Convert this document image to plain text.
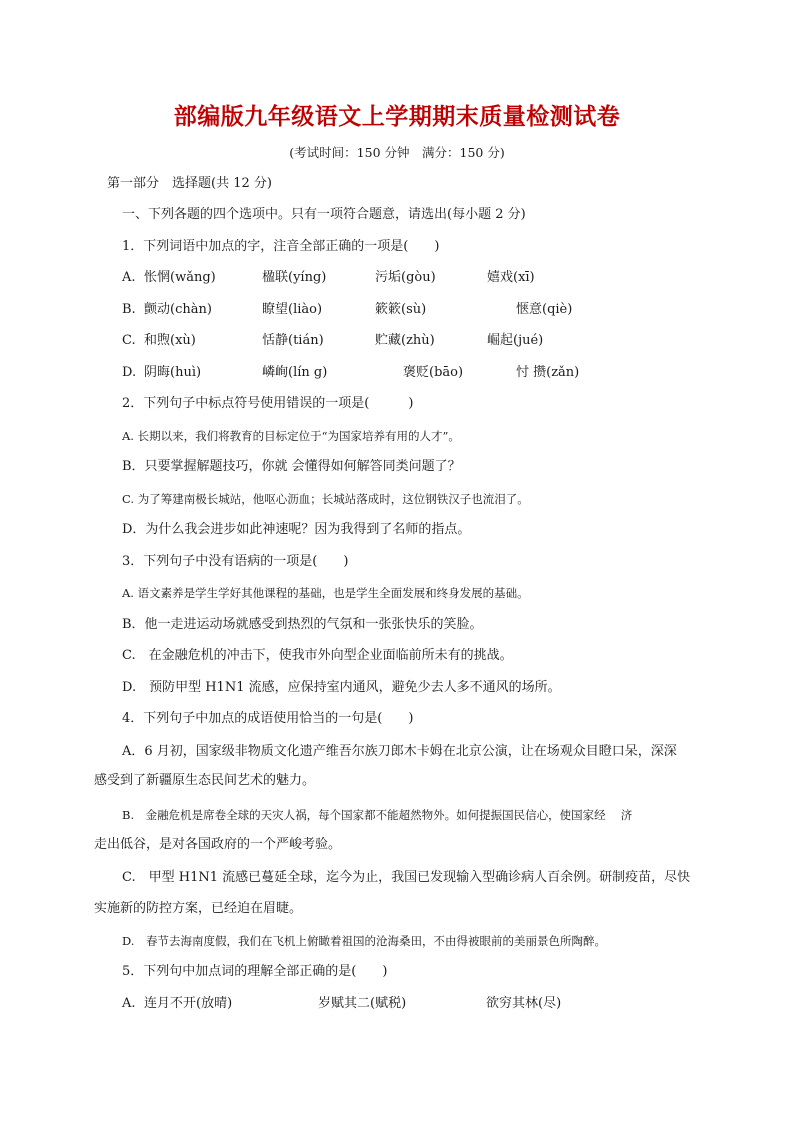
部编版九年级语文上学期期末质量检测试卷
(考试时间：150 分钟　满分：150 分)
第一部分　选择题(共 12 分)
一、下列各题的四个选项中。只有一项符合题意，请选出(每小题 2 分)
1．下列词语中加点的字，注音全部正确的一项是(　　)
A. 怅惘(wǎng)	楹联(yíng)	污垢(gòu)	嬉戏(xī)
B. 颤动(chàn)	瞭望(liào)	簌簌(sù)	惬意(qiè)
C. 和煦(xù)	恬静(tián)	贮藏(zhù)	崛起(jué)
D. 阴晦(huì)	嶙峋(lín g)	褒贬(bāo)	忖 攒(zǎn)
2．下列句子中标点符号使用错误的一项是(　　　)
A. 长期以来，我们将教育的目标定位于“为国家培养有用的人才”。
B．只要掌握解题技巧，你就 会懂得如何解答同类问题了？
C. 为了筹建南极长城站，他呕心沥血；长城站落成时，这位钢铁汉子也流泪了。
D．为什么我会进步如此神速呢？因为我得到了名师的指点。
3．下列句子中没有语病的一项是(　　)
A. 语文素养是学生学好其他课程的基础，也是学生全面发展和终身发展的基础。
B．他一走进运动场就感受到热烈的气氛和一张张快乐的笑脸。
C.　在金融危机的冲击下，使我市外向型企业面临前所未有的挑战。
D.　预防甲型 H1N1 流感，应保持室内通风，避免少去人多不通风的场所。
4．下列句子中加点的成语使用恰当的一句是(　　)
A．6 月初，国家级非物质文化遗产维吾尔族刀郎木卡姆在北京公演，让在场观众目瞪口呆，深深
感受到了新疆原生态民间艺术的魅力。
B.　金融危机是席卷全球的天灾人祸，每个国家都不能超然物外。如何提振国民信心，使国家经　 济
走出低谷，是对各国政府的一个严峻考验。
C.　甲型 H1N1 流感已蔓延全球，迄今为止，我国已发现输入型确诊病人百余例。研制疫苗，尽快
实施新的防控方案，已经迫在眉睫。
D.　春节去海南度假，我们在飞机上俯瞰着祖国的沧海桑田，不由得被眼前的美丽景色所陶醉。
5．下列句中加点词的理解全部正确的是(　　)
A. 连月不开(放晴)	岁赋其二(赋税)	欲穷其林(尽)
